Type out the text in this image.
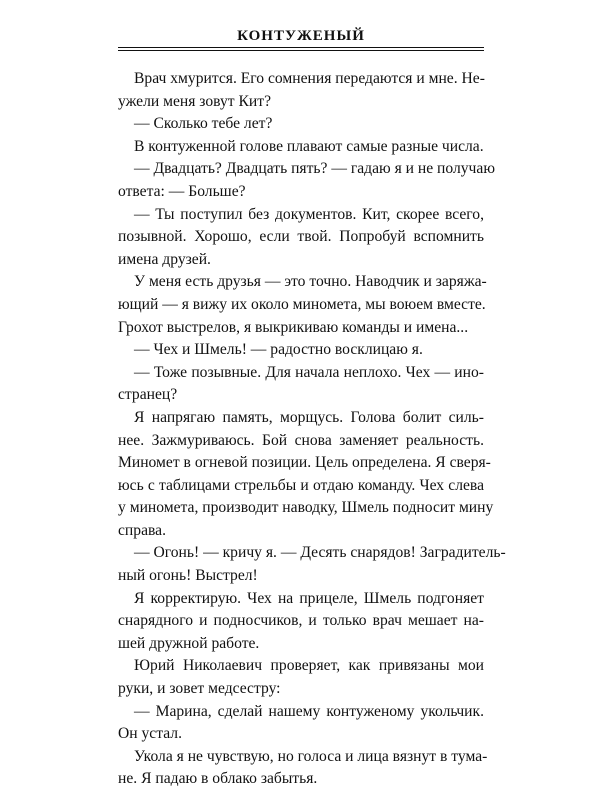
КОНТУЖЕНЫЙ
Врач хмурится. Его сомнения передаются и мне. Не-
ужели меня зовут Кит?
— Сколько тебе лет?
В контуженной голове плавают самые разные числа.
— Двадцать? Двадцать пять? — гадаю я и не получаю
ответа: — Больше?
— Ты поступил без документов. Кит, скорее всего,
позывной. Хорошо, если твой. Попробуй вспомнить
имена друзей.
У меня есть друзья — это точно. Наводчик и заряжа-
ющий — я вижу их около миномета, мы воюем вместе.
Грохот выстрелов, я выкрикиваю команды и имена...
— Чех и Шмель! — радостно восклицаю я.
— Тоже позывные. Для начала неплохо. Чех — ино-
странец?
Я напрягаю память, морщусь. Голова болит силь-
нее. Зажмуриваюсь. Бой снова заменяет реальность.
Миномет в огневой позиции. Цель определена. Я сверя-
юсь с таблицами стрельбы и отдаю команду. Чех слева
у миномета, производит наводку, Шмель подносит мину
справа.
— Огонь! — кричу я. — Десять снарядов! Заградитель-
ный огонь! Выстрел!
Я корректирую. Чех на прицеле, Шмель подгоняет
снарядного и подносчиков, и только врач мешает на-
шей дружной работе.
Юрий Николаевич проверяет, как привязаны мои
руки, и зовет медсестру:
— Марина, сделай нашему контуженому укольчик.
Он устал.
Укола я не чувствую, но голоса и лица вязнут в тума-
не. Я падаю в облако забытья.
